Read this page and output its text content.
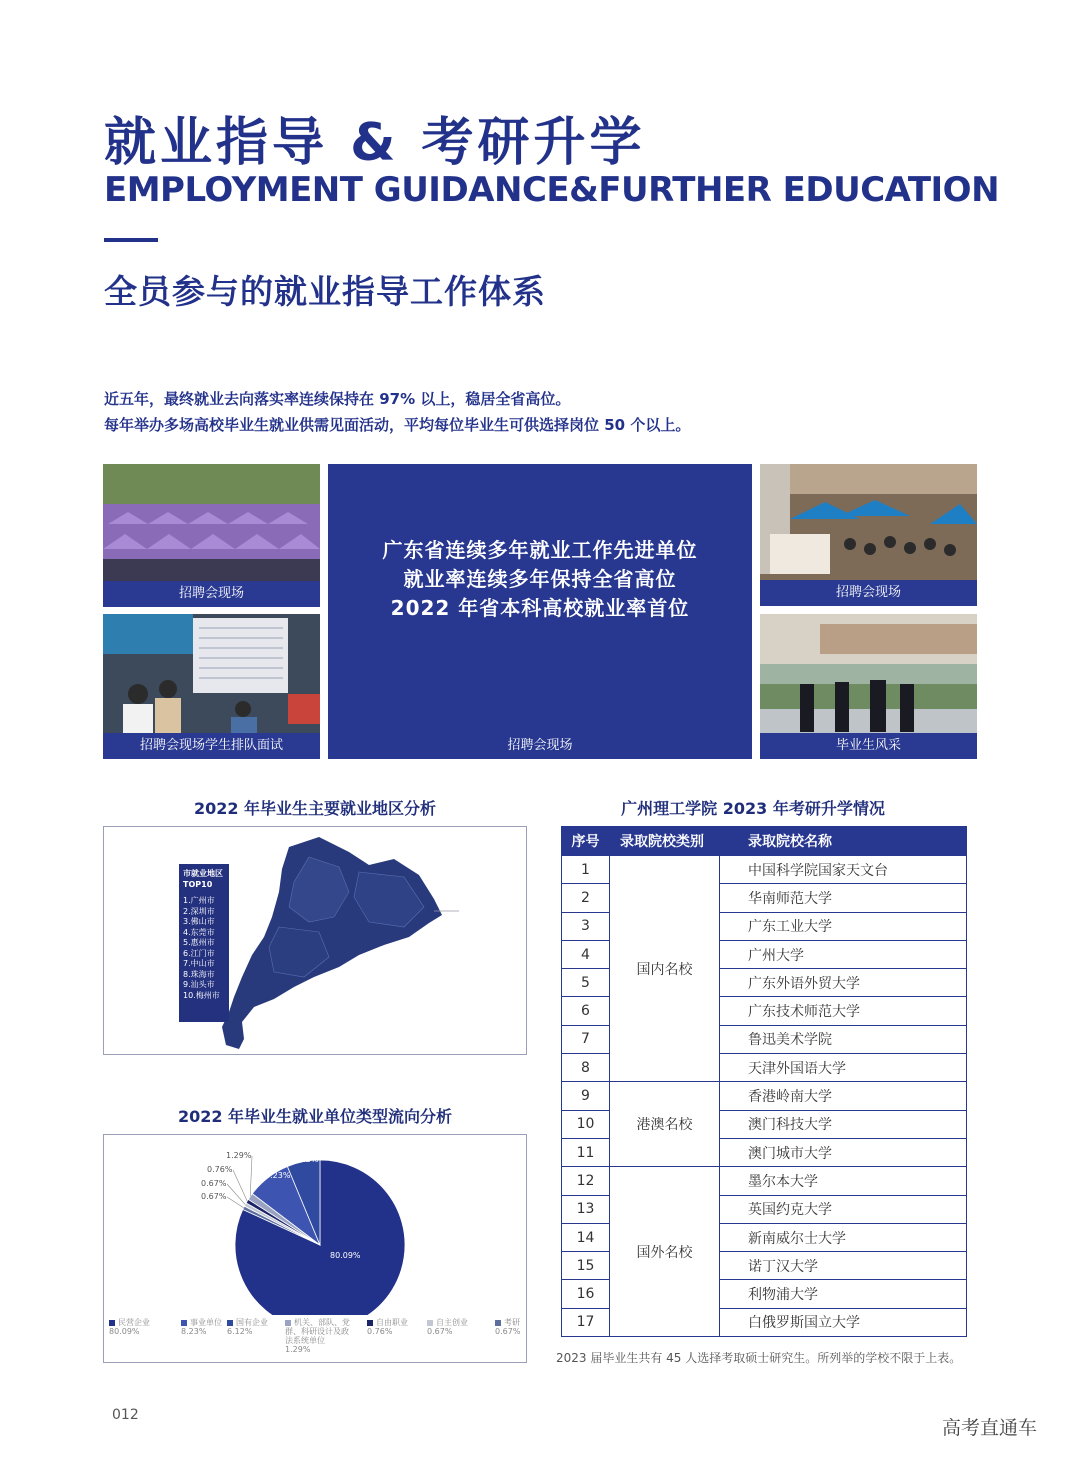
就业指导 & 考研升学
EMPLOYMENT GUIDANCE&FURTHER EDUCATION
全员参与的就业指导工作体系
近五年，最终就业去向落实率连续保持在 97% 以上，稳居全省高位。
每年举办多场高校毕业生就业供需见面活动，平均每位毕业生可供选择岗位 50 个以上。
招聘会现场
招聘会现场学生排队面试
招聘会现场
毕业生风采
广东省连续多年就业工作先进单位
就业率连续多年保持全省高位
2022 年省本科高校就业率首位
招聘会现场
2022 年毕业生主要就业地区分析
市就业地区 TOP10
1.广州市
2.深圳市
3.佛山市
4.东莞市
5.惠州市
6.江门市
7.中山市
8.珠海市
9.汕头市
10.梅州市
2022 年毕业生就业单位类型流向分析
80.09%
8.23%
6.12%
1.29%
0.76%
0.67%
0.67%
民营企业
80.09%
事业单位
8.23%
国有企业
6.12%
机关、部队、党群、科研设计及政法系统单位
1.29%
自由职业
0.76%
自主创业
0.67%
考研
0.67%
广州理工学院 2023 年考研升学情况
序号	录取院校类别	录取院校名称
1	国内名校	中国科学院国家天文台
2		华南师范大学
3		广东工业大学
4		广州大学
5		广东外语外贸大学
6		广东技术师范大学
7		鲁迅美术学院
8		天津外国语大学
9	港澳名校	香港岭南大学
10		澳门科技大学
11		澳门城市大学
12	国外名校	墨尔本大学
13		英国约克大学
14		新南威尔士大学
15		诺丁汉大学
16		利物浦大学
17		白俄罗斯国立大学
2023 届毕业生共有 45 人选择考取硕士研究生。所列举的学校不限于上表。
012
高考直通车
